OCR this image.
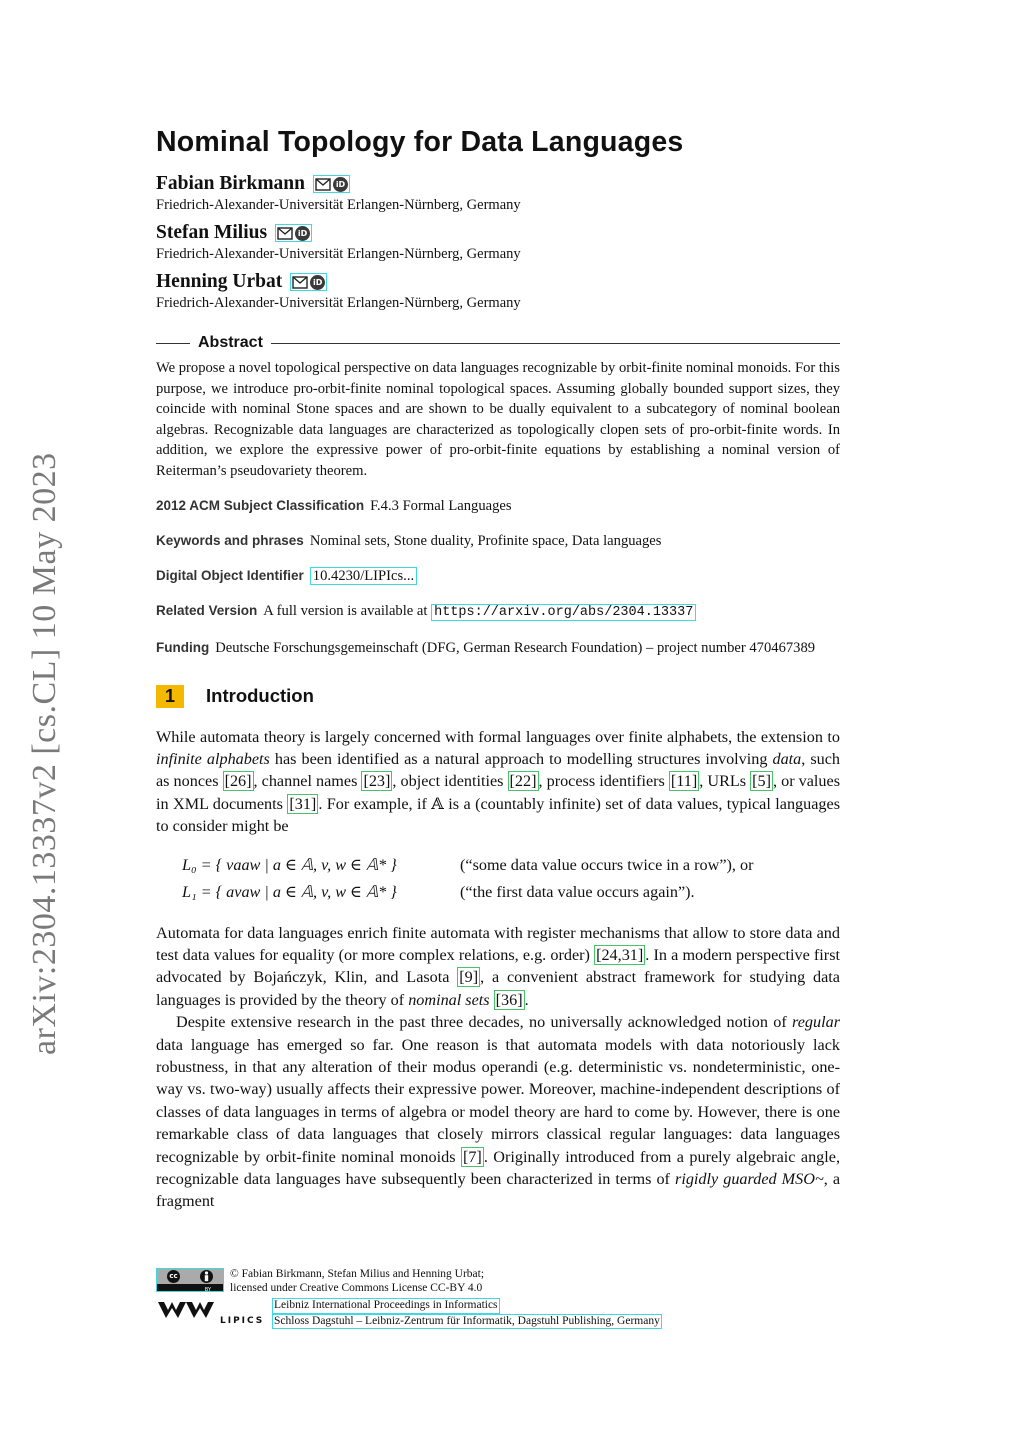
arXiv:2304.13337v2 [cs.CL] 10 May 2023
Nominal Topology for Data Languages
Fabian Birkmann	iD
Friedrich-Alexander-Universität Erlangen-Nürnberg, Germany
Stefan Milius	iD
Friedrich-Alexander-Universität Erlangen-Nürnberg, Germany
Henning Urbat	iD
Friedrich-Alexander-Universität Erlangen-Nürnberg, Germany
Abstract

We propose a novel topological perspective on data languages recognizable by orbit-finite nominal monoids. For this purpose, we introduce pro-orbit-finite nominal topological spaces. Assuming globally bounded support sizes, they coincide with nominal Stone spaces and are shown to be dually equivalent to a subcategory of nominal boolean algebras. Recognizable data languages are characterized as topologically clopen sets of pro-orbit-finite words. In addition, we explore the expressive power of pro-orbit-finite equations by establishing a nominal version of Reiterman’s pseudovariety theorem.

2012 ACM Subject Classification F.4.3 Formal Languages
Keywords and phrases Nominal sets, Stone duality, Profinite space, Data languages
Digital Object Identifier 10.4230/LIPIcs...
Related Version A full version is available at https://arxiv.org/abs/2304.13337
Funding Deutsche Forschungsgemeinschaft (DFG, German Research Foundation) – project number 470467389
1	Introduction

While automata theory is largely concerned with formal languages over finite alphabets, the extension to infinite alphabets has been identified as a natural approach to modelling structures involving data, such as nonces [26] , channel names [23] , object identities [22] , process identifiers [11] , URLs [5] , or values in XML documents [31] . For example, if 𝔸 is a (countably infinite) set of data values, typical languages to consider might be

L₀ = { vaaw | a ∈ 𝔸, v, w ∈ 𝔸* }	(“some data value occurs twice in a row”), or
L₁ = { avaw | a ∈ 𝔸, v, w ∈ 𝔸* }	(“the first data value occurs again”).

Automata for data languages enrich finite automata with register mechanisms that allow to store data and test data values for equality (or more complex relations, e.g. order) [24,31] . In a modern perspective first advocated by Bojańczyk, Klin, and Lasota [9] , a convenient abstract framework for studying data languages is provided by the theory of nominal sets [36] .

Despite extensive research in the past three decades, no universally acknowledged notion of regular data language has emerged so far. One reason is that automata models with data notoriously lack robustness, in that any alteration of their modus operandi (e.g. deterministic vs. nondeterministic, one-way vs. two-way) usually affects their expressive power. Moreover, machine-independent descriptions of classes of data languages in terms of algebra or model theory are hard to come by. However, there is one remarkable class of data languages that closely mirrors classical regular languages: data languages recognizable by orbit-finite nominal monoids [7] . Originally introduced from a purely algebraic angle, recognizable data languages have subsequently been characterized in terms of rigidly guarded MSO~, a fragment

cc
BY
© Fabian Birkmann, Stefan Milius and Henning Urbat;
licensed under Creative Commons License CC-BY 4.0
LIPICS
Leibniz International Proceedings in Informatics
Schloss Dagstuhl – Leibniz-Zentrum für Informatik, Dagstuhl Publishing, Germany
